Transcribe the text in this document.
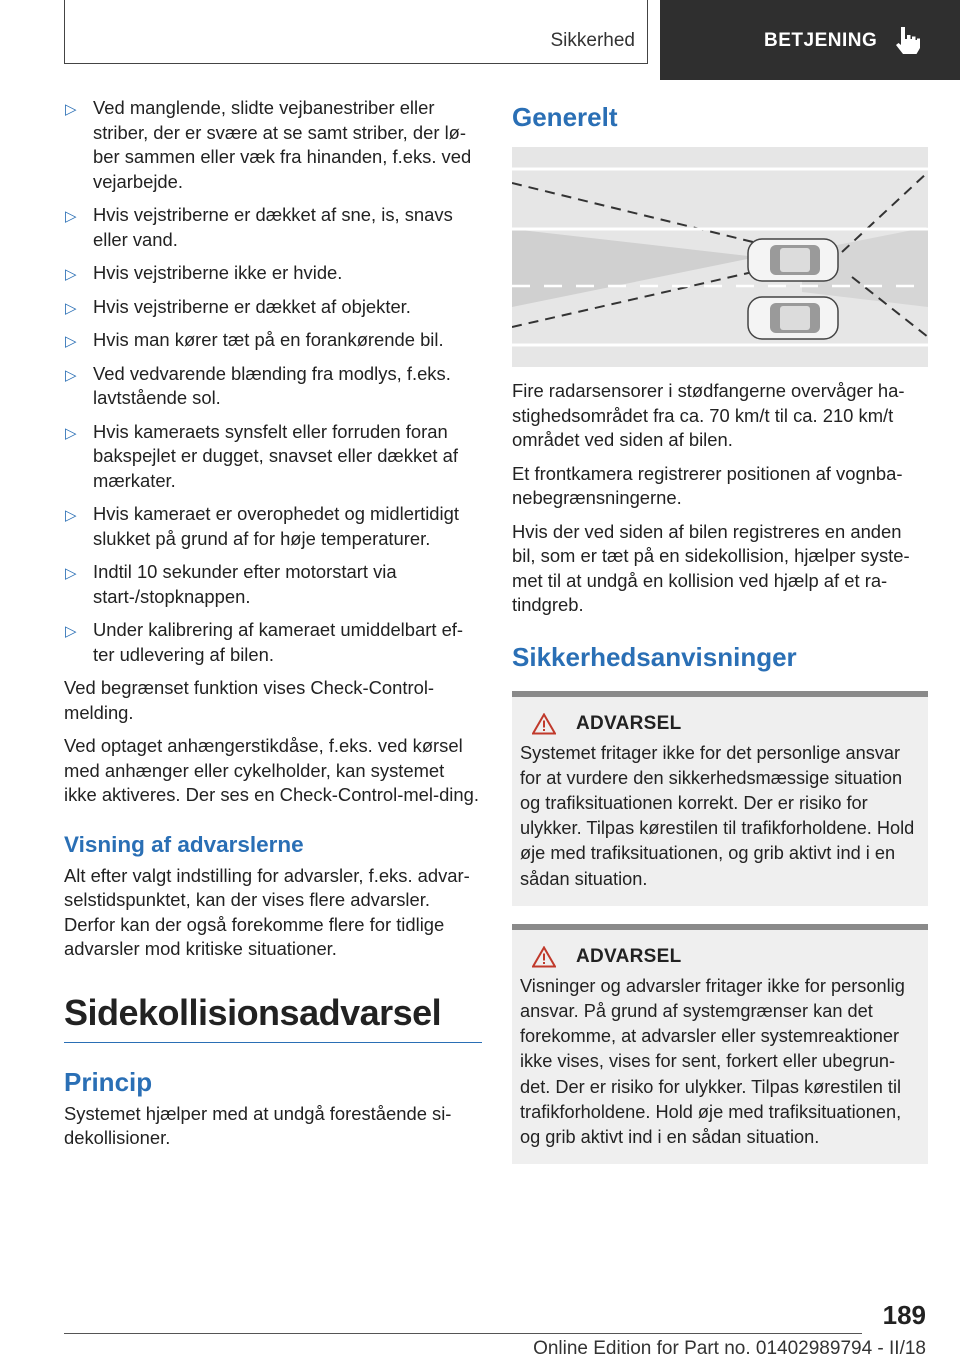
Sikkerhed	BETJENING
▷ Ved manglende, slidte vejbanestriber eller striber, der er svære at se samt striber, der lø‐ber sammen eller væk fra hinanden, f.eks. ved vejarbejde.
▷ Hvis vejstriberne er dækket af sne, is, snavs eller vand.
▷ Hvis vejstriberne ikke er hvide.
▷ Hvis vejstriberne er dækket af objekter.
▷ Hvis man kører tæt på en forankørende bil.
▷ Ved vedvarende blænding fra modlys, f.eks. lavtstående sol.
▷ Hvis kameraets synsfelt eller forruden foran bakspejlet er dugget, snavset eller dækket af mærkater.
▷ Hvis kameraet er overophedet og midlertidigt slukket på grund af for høje temperaturer.
▷ Indtil 10 sekunder efter motorstart via start-/stopknappen.
▷ Under kalibrering af kameraet umiddelbart ef‐ter udlevering af bilen.

Ved begrænset funktion vises Check-Control-melding.

Ved optaget anhængerstikdåse, f.eks. ved kørsel med anhænger eller cykelholder, kan systemet ikke aktiveres. Der ses en Check-Control-mel‐ding.

Visning af advarslerne

Alt efter valgt indstilling for advarsler, f.eks. advar‐selstidspunktet, kan der vises flere advarsler. Derfor kan der også forekomme flere for tidlige advarsler mod kritiske situationer.

Sidekollisionsadvarsel
Princip

Systemet hjælper med at undgå forestående si‐dekollisioner.

Generelt

Fire radarsensorer i stødfangerne overvåger ha‐stighedsområdet fra ca. 70 km/t til ca. 210 km/t området ved siden af bilen.

Et frontkamera registrerer positionen af vognba‐nebegrænsningerne.

Hvis der ved siden af bilen registreres en anden bil, som er tæt på en sidekollision, hjælper syste‐met til at undgå en kollision ved hjælp af et ra‐tindgreb.

Sikkerhedsanvisninger
ADVARSEL

Systemet fritager ikke for det personlige ansvar for at vurdere den sikkerhedsmæssige situation og trafiksituationen korrekt. Der er risiko for ulykker. Tilpas kørestilen til trafikforholdene. Hold øje med trafiksituationen, og grib aktivt ind i en sådan situation.

ADVARSEL

Visninger og advarsler fritager ikke for personlig ansvar. På grund af systemgrænser kan det forekomme, at advarsler eller systemreaktioner ikke vises, vises for sent, forkert eller ubegrun‐det. Der er risiko for ulykker. Tilpas kørestilen til trafikforholdene. Hold øje med trafiksituationen, og grib aktivt ind i en sådan situation.

189
Online Edition for Part no. 01402989794 - II/18
